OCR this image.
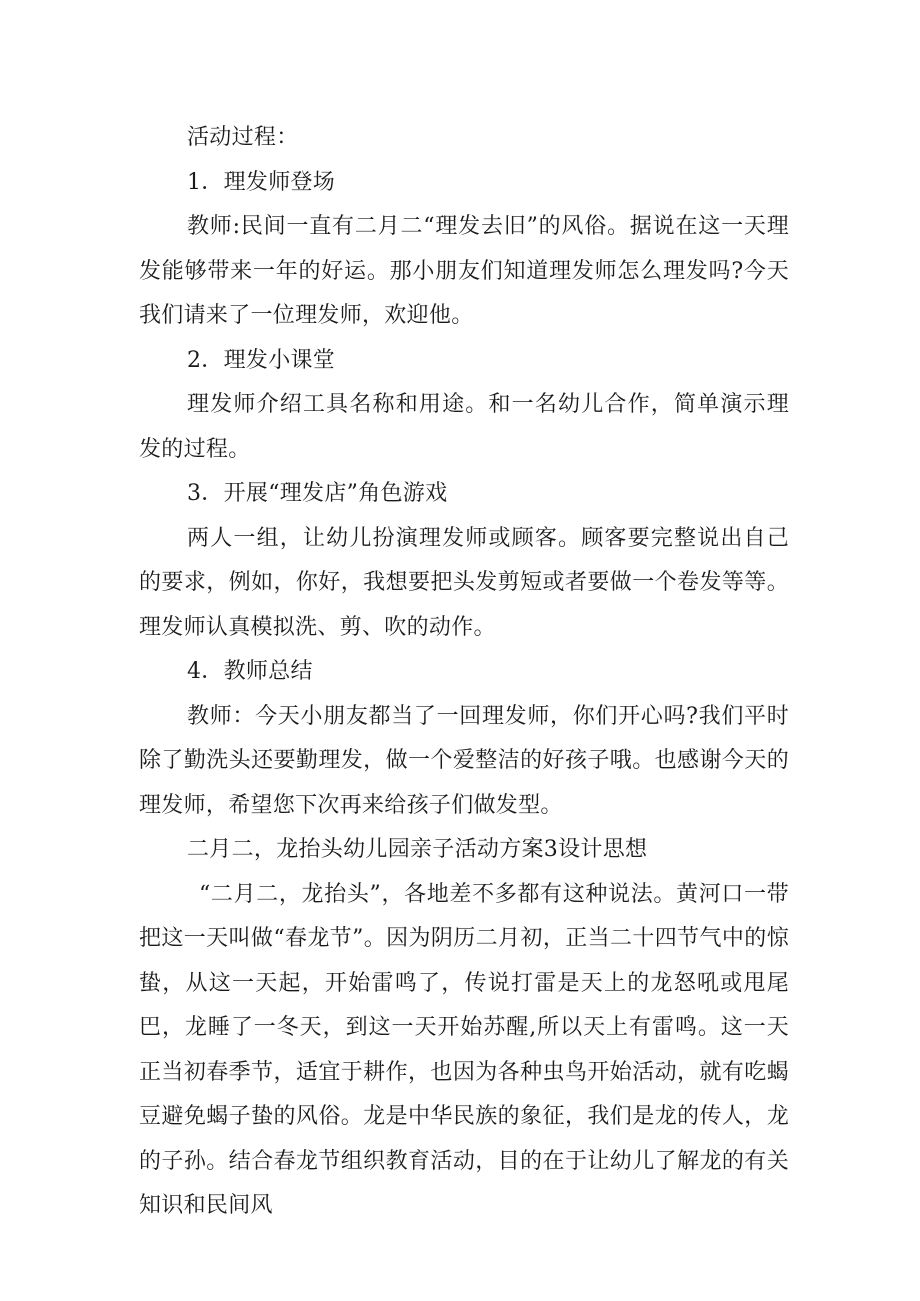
活动过程：

1．理发师登场

教师:民间一直有二月二“理发去旧”的风俗。据说在这一天理发能够带来一年的好运。那小朋友们知道理发师怎么理发吗?今天我们请来了一位理发师，欢迎他。

2．理发小课堂

理发师介绍工具名称和用途。和一名幼儿合作，简单演示理发的过程。

3．开展“理发店”角色游戏

两人一组，让幼儿扮演理发师或顾客。顾客要完整说出自己的要求，例如，你好，我想要把头发剪短或者要做一个卷发等等。理发师认真模拟洗、剪、吹的动作。

4．教师总结

教师：今天小朋友都当了一回理发师，你们开心吗?我们平时除了勤洗头还要勤理发，做一个爱整洁的好孩子哦。也感谢今天的理发师，希望您下次再来给孩子们做发型。

二月二，龙抬头幼儿园亲子活动方案3设计思想

“二月二，龙抬头”，各地差不多都有这种说法。黄河口一带把这一天叫做“春龙节”。因为阴历二月初，正当二十四节气中的惊蛰，从这一天起，开始雷鸣了，传说打雷是天上的龙怒吼或甩尾巴，龙睡了一冬天，到这一天开始苏醒,所以天上有雷鸣。这一天正当初春季节，适宜于耕作，也因为各种虫鸟开始活动，就有吃蝎豆避免蝎子蛰的风俗。龙是中华民族的象征，我们是龙的传人，龙的子孙。结合春龙节组织教育活动，目的在于让幼儿了解龙的有关知识和民间风
